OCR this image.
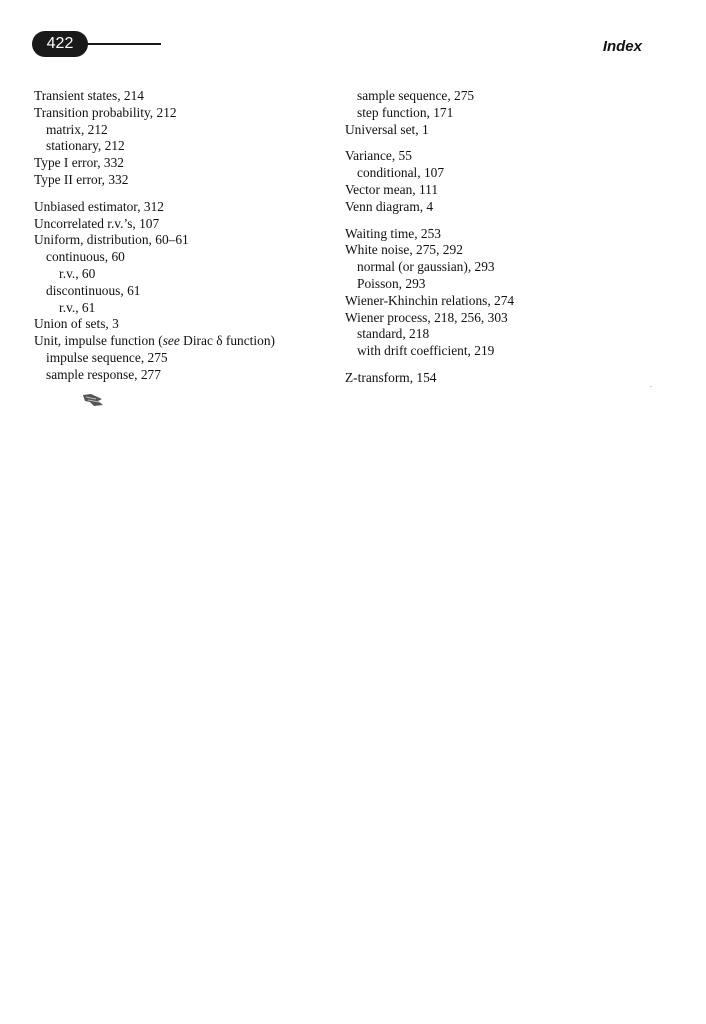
422	Index
Transient states, 214
Transition probability, 212
matrix, 212
stationary, 212
Type I error, 332
Type II error, 332
Unbiased estimator, 312
Uncorrelated r.v.’s, 107
Uniform, distribution, 60–61
continuous, 60
r.v., 60
discontinuous, 61
r.v., 61
Union of sets, 3
Unit, impulse function (see Dirac δ function)
impulse sequence, 275
sample response, 277
sample sequence, 275
step function, 171
Universal set, 1
Variance, 55
conditional, 107
Vector mean, 111
Venn diagram, 4
Waiting time, 253
White noise, 275, 292
normal (or gaussian), 293
Poisson, 293
Wiener-Khinchin relations, 274
Wiener process, 218, 256, 303
standard, 218
with drift coefficient, 219
Z-transform, 154
